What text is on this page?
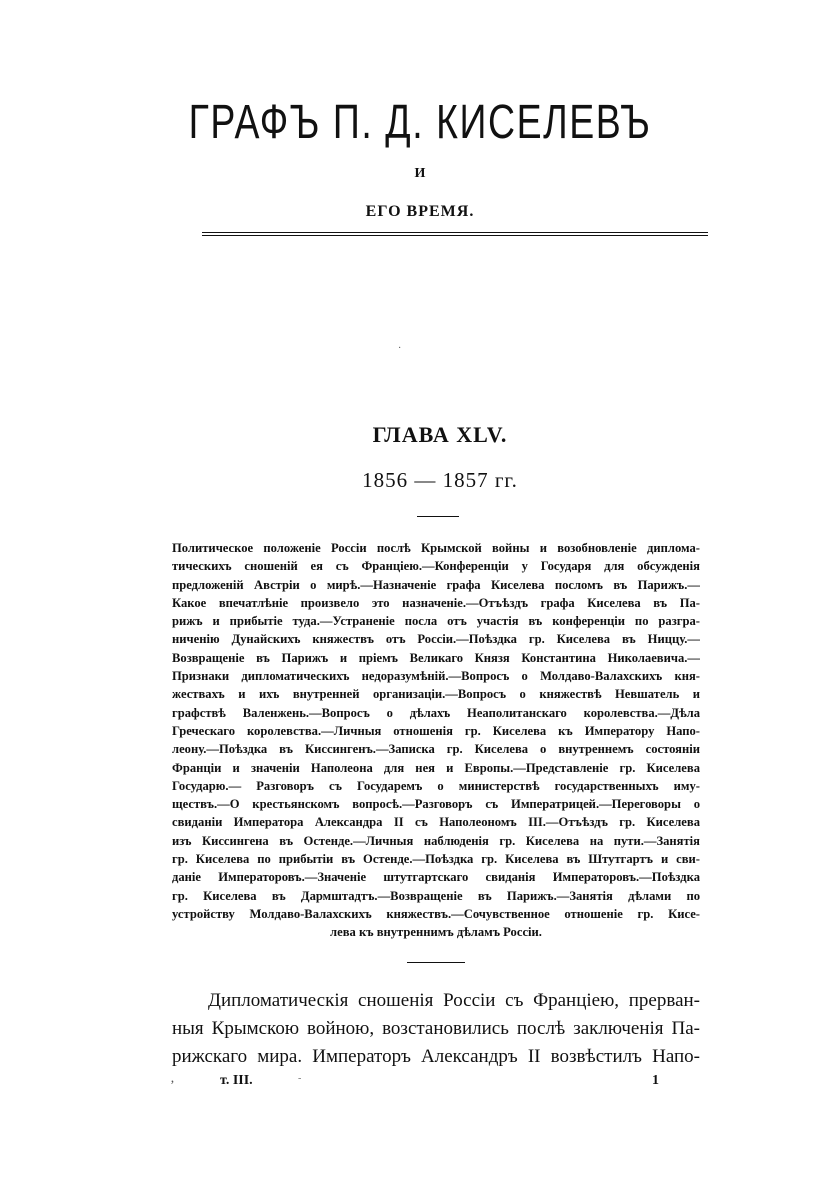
ГРАФЪ П. Д. КИСЕЛЕВЪ
И
ЕГО ВРЕМЯ.
·
ГЛАВА XLV.
1856 — 1857 гг.
Политическое положеніе Россіи послѣ Крымской войны и возобновленіе диплома-
тическихъ сношеній ея съ Франціею.—Конференціи у Государя для обсужденія
предложеній Австріи о мирѣ.—Назначеніе графа Киселева посломъ въ Парижъ.—
Какое впечатлѣніе произвело это назначеніе.—Отъѣздъ графа Киселева въ Па-
рижъ и прибытіе туда.—Устраненіе посла отъ участія въ конференціи по разгра-
ниченію Дунайскихъ княжествъ отъ Россіи.—Поѣздка гр. Киселева въ Ниццу.—
Возвращеніе въ Парижъ и пріемъ Великаго Князя Константина Николаевича.—
Признаки дипломатическихъ недоразумѣній.—Вопросъ о Молдаво-Валахскихъ кня-
жествахъ и ихъ внутренней организаціи.—Вопросъ о княжествѣ Невшатель и
графствѣ Валенжень.—Вопросъ о дѣлахъ Неаполитанскаго королевства.—Дѣла
Греческаго королевства.—Личныя отношенія гр. Киселева къ Императору Напо-
леону.—Поѣздка въ Киссингенъ.—Записка гр. Киселева о внутреннемъ состояніи
Франціи и значеніи Наполеона для нея и Европы.—Представленіе гр. Киселева
Государю.— Разговоръ съ Государемъ о министерствѣ государственныхъ иму-
ществъ.—О крестьянскомъ вопросѣ.—Разговоръ съ Императрицей.—Переговоры о
свиданіи Императора Александра II съ Наполеономъ III.—Отъѣздъ гр. Киселева
изъ Киссингена въ Остенде.—Личныя наблюденія гр. Киселева на пути.—Занятія
гр. Киселева по прибытіи въ Остенде.—Поѣздка гр. Киселева въ Штутгартъ и сви-
даніе Императоровъ.—Значеніе штутгартскаго свиданія Императоровъ.—Поѣздка
гр. Киселева въ Дармштадтъ.—Возвращеніе въ Парижъ.—Занятія дѣлами по
устройству Молдаво-Валахскихъ княжествъ.—Сочувственное отношеніе гр. Кисе-
лева къ внутреннимъ дѣламъ Россіи.
Дипломатическія сношенія Россіи съ Франціею, прерван-
ныя Крымскою войною, возстановились послѣ заключенія Па-
рижскаго мира. Императоръ Александръ II возвѣстилъ Напо-
‚	т. III.	-	1
